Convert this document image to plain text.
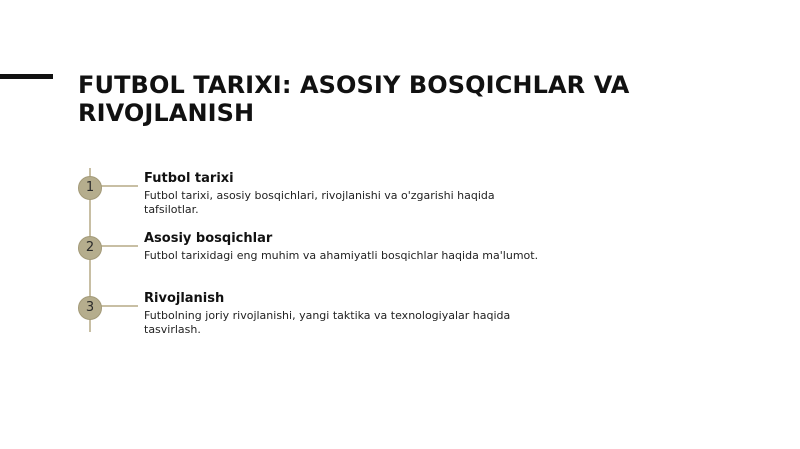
FUTBOL TARIXI: ASOSIY BOSQICHLAR VA RIVOJLANISH
1

Futbol tarixi

Futbol tarixi, asosiy bosqichlari, rivojlanishi va o'zgarishi haqida tafsilotlar.

2

Asosiy bosqichlar

Futbol tarixidagi eng muhim va ahamiyatli bosqichlar haqida ma'lumot.

3

Rivojlanish

Futbolning joriy rivojlanishi, yangi taktika va texnologiyalar haqida tasvirlash.
